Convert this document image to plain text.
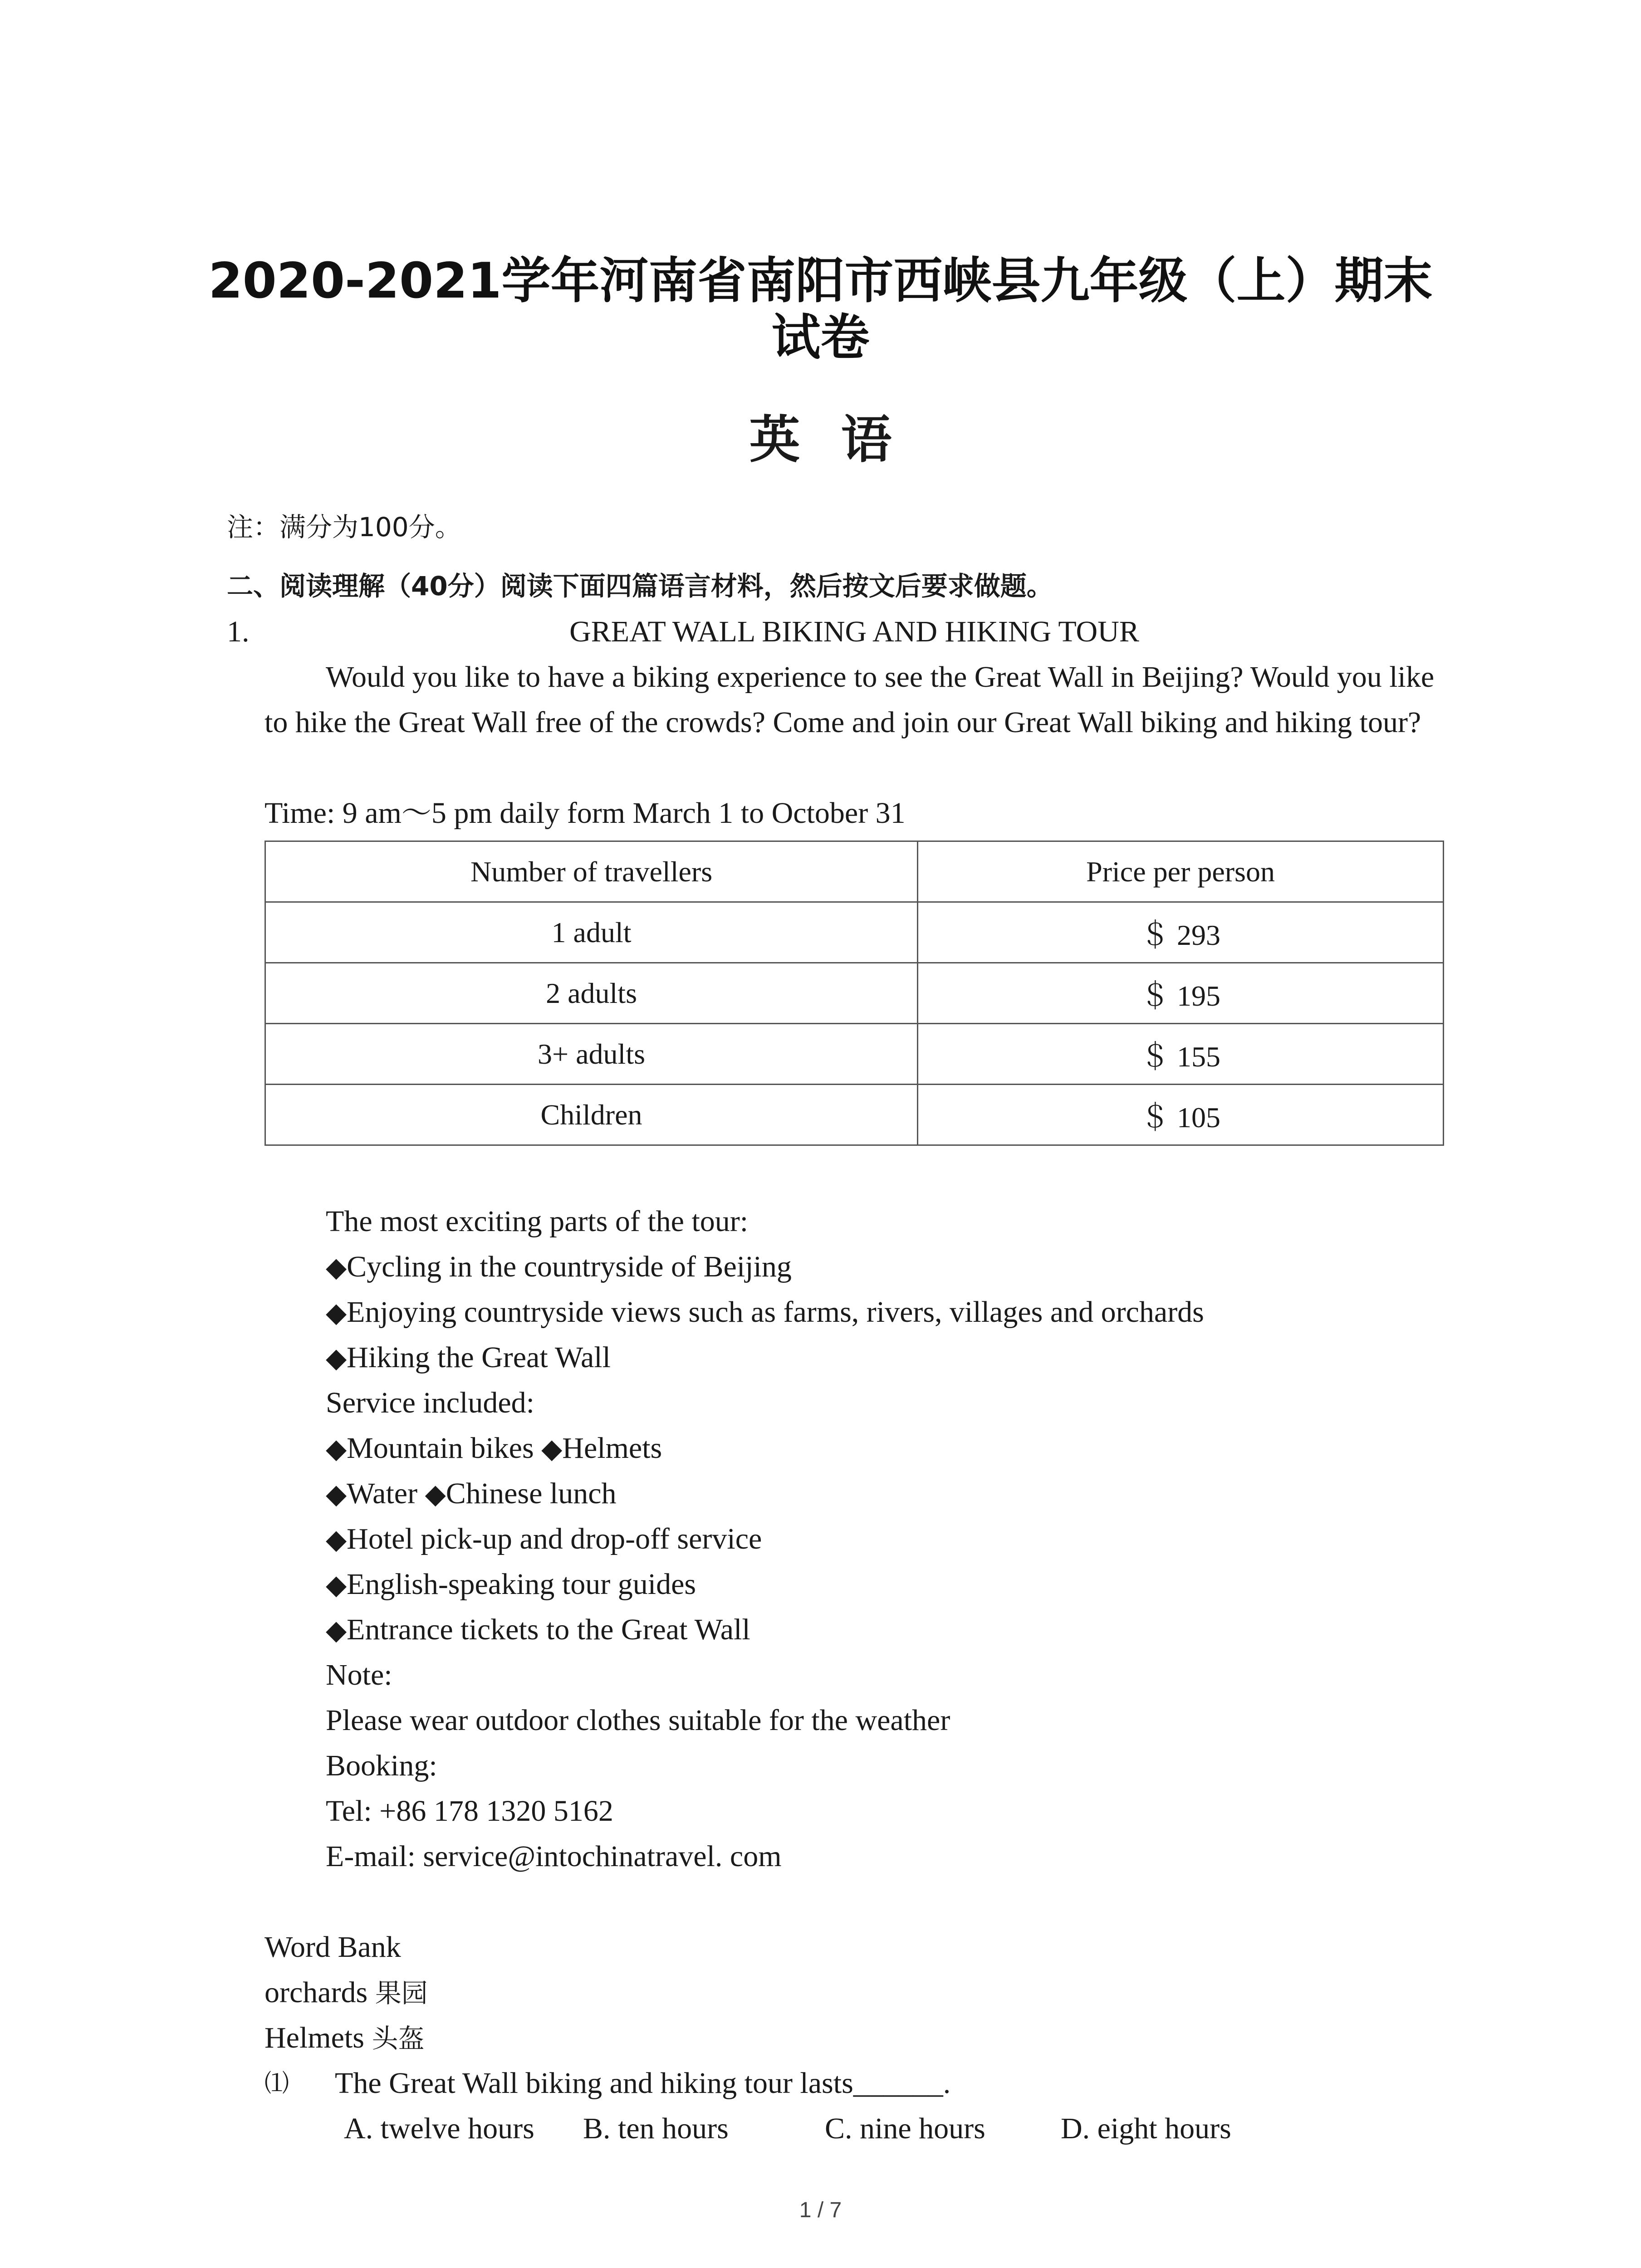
2020-2021学年河南省南阳市西峡县九年级（上）期末
试卷
英语
注：满分为100分。
二、阅读理解（40分）阅读下面四篇语言材料，然后按文后要求做题。
1.	GREAT WALL BIKING AND HIKING TOUR
Would you like to have a biking experience to see the Great Wall in Beijing? Would you like to hike the Great Wall free of the crowds? Come and join our Great Wall biking and hiking tour?
Time: 9 am～5 pm daily form March 1 to October 31
Number of travellers	Price per person
1 adult	＄ 293
2 adults	＄ 195
3+ adults	＄ 155
Children	＄ 105
The most exciting parts of the tour:
◆Cycling in the countryside of Beijing
◆Enjoying countryside views such as farms, rivers, villages and orchards
◆Hiking the Great Wall
Service included:
◆Mountain bikes ◆Helmets
◆Water ◆Chinese lunch
◆Hotel pick-up and drop-off service
◆English-speaking tour guides
◆Entrance tickets to the Great Wall
Note:
Please wear outdoor clothes suitable for the weather
Booking:
Tel: +86 178 1320 5162
E-mail: service@intochinatravel. com
Word Bank
orchards 果园
Helmets 头盔
⑴ The Great Wall biking and hiking tour lasts______.
A. twelve hours B. ten hours	C. nine hours	D. eight hours
1 / 7
